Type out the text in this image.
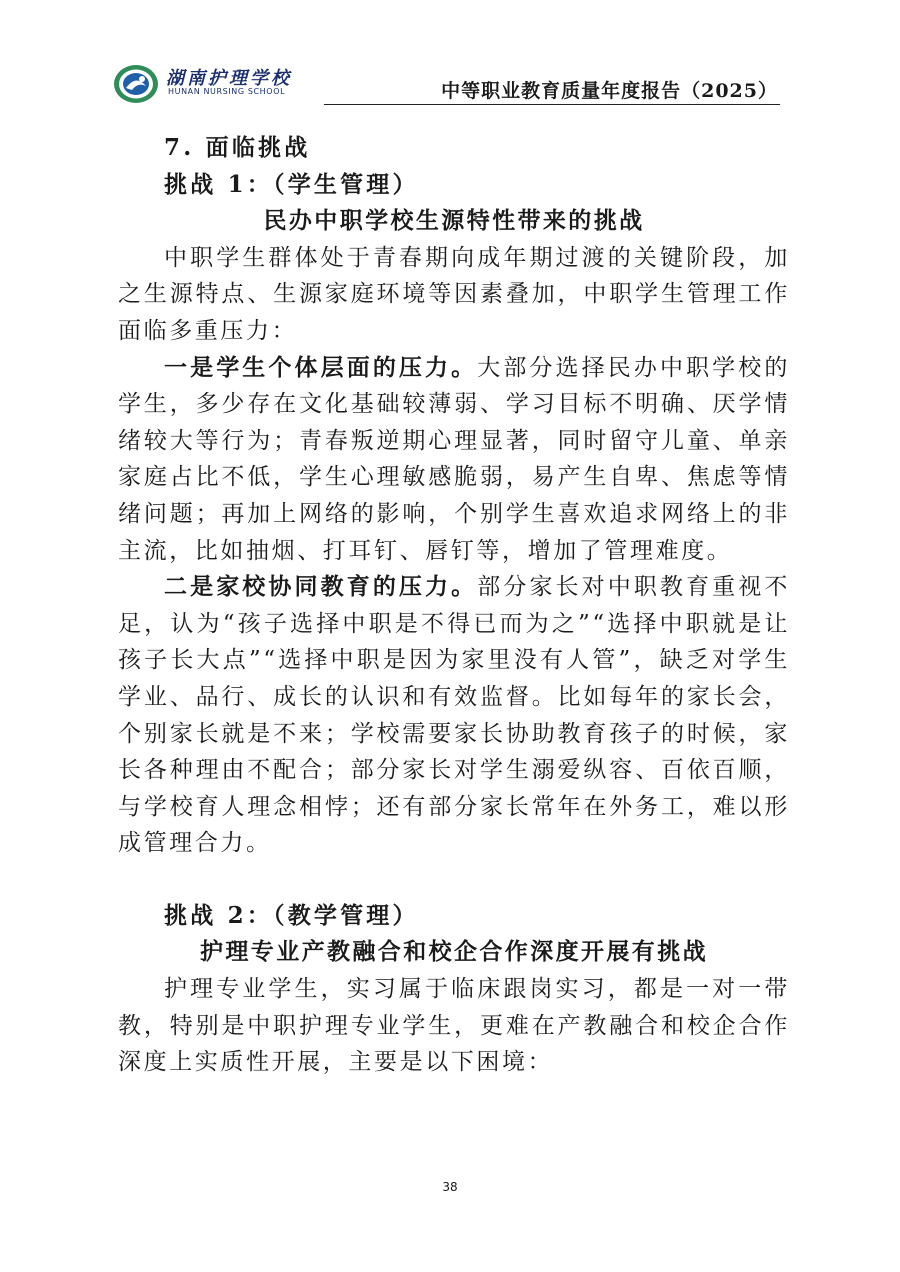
湖南护理学校
HUNAN NURSING SCHOOL	中等职业教育质量年度报告（2025）
7. 面临挑战
挑战 1：（学生管理）
民办中职学校生源特性带来的挑战

中职学生群体处于青春期向成年期过渡的关键阶段，加之生源特点、生源家庭环境等因素叠加，中职学生管理工作面临多重压力：

一是学生个体层面的压力。大部分选择民办中职学校的学生，多少存在文化基础较薄弱、学习目标不明确、厌学情绪较大等行为；青春叛逆期心理显著，同时留守儿童、单亲家庭占比不低，学生心理敏感脆弱，易产生自卑、焦虑等情绪问题；再加上网络的影响，个别学生喜欢追求网络上的非主流，比如抽烟、打耳钉、唇钉等，增加了管理难度。

二是家校协同教育的压力。部分家长对中职教育重视不足，认为“孩子选择中职是不得已而为之”“选择中职就是让孩子长大点”“选择中职是因为家里没有人管”，缺乏对学生学业、品行、成长的认识和有效监督。比如每年的家长会，个别家长就是不来；学校需要家长协助教育孩子的时候，家长各种理由不配合；部分家长对学生溺爱纵容、百依百顺，与学校育人理念相悖；还有部分家长常年在外务工，难以形成管理合力。

挑战 2：（教学管理）
护理专业产教融合和校企合作深度开展有挑战

护理专业学生，实习属于临床跟岗实习，都是一对一带教，特别是中职护理专业学生，更难在产教融合和校企合作深度上实质性开展，主要是以下困境：

38
